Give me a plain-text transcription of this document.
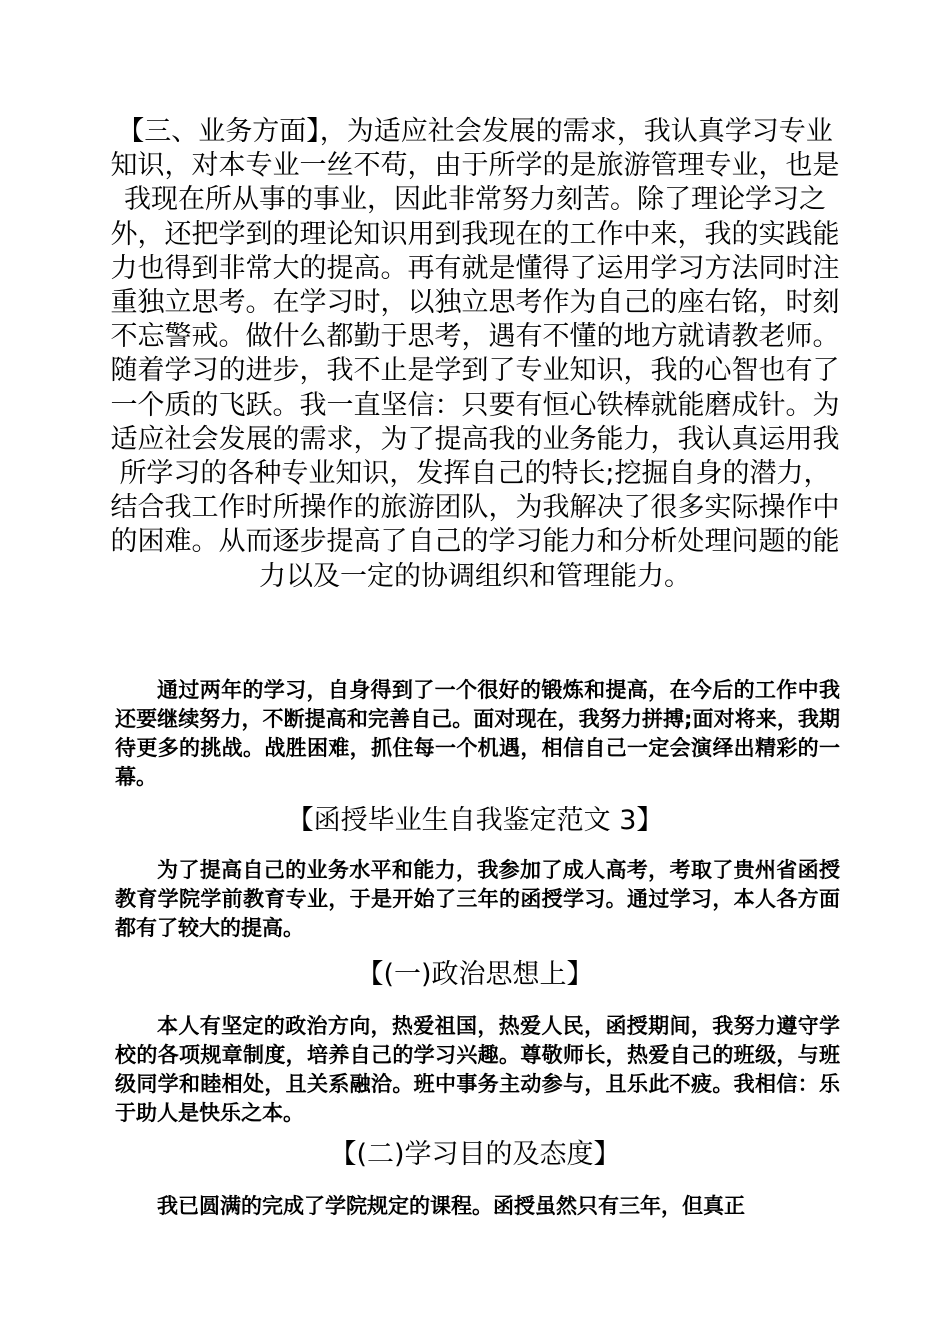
【三、业务方面】，为适应社会发展的需求，我认真学习专业知识，对本专业一丝不苟，由于所学的是旅游管理专业，也是我现在所从事的事业，因此非常努力刻苦。除了理论学习之外，还把学到的理论知识用到我现在的工作中来，我的实践能力也得到非常大的提高。再有就是懂得了运用学习方法同时注重独立思考。在学习时，以独立思考作为自己的座右铭，时刻不忘警戒。做什么都勤于思考，遇有不懂的地方就请教老师。随着学习的进步，我不止是学到了专业知识，我的心智也有了一个质的飞跃。我一直坚信：只要有恒心铁棒就能磨成针。为适应社会发展的需求，为了提高我的业务能力，我认真运用我所学习的各种专业知识，发挥自己的特长;挖掘自身的潜力，结合我工作时所操作的旅游团队，为我解决了很多实际操作中的困难。从而逐步提高了自己的学习能力和分析处理问题的能力以及一定的协调组织和管理能力。

通过两年的学习，自身得到了一个很好的锻炼和提高，在今后的工作中我还要继续努力，不断提高和完善自己。面对现在，我努力拼搏;面对将来，我期待更多的挑战。战胜困难，抓住每一个机遇，相信自己一定会演绎出精彩的一幕。

【函授毕业生自我鉴定范文 3】

为了提高自己的业务水平和能力，我参加了成人高考，考取了贵州省函授教育学院学前教育专业，于是开始了三年的函授学习。通过学习，本人各方面都有了较大的提高。

【(一)政治思想上】

本人有坚定的政治方向，热爱祖国，热爱人民，函授期间，我努力遵守学校的各项规章制度，培养自己的学习兴趣。尊敬师长，热爱自己的班级，与班级同学和睦相处，且关系融洽。班中事务主动参与，且乐此不疲。我相信：乐于助人是快乐之本。

【(二)学习目的及态度】

我已圆满的完成了学院规定的课程。函授虽然只有三年，但真正
